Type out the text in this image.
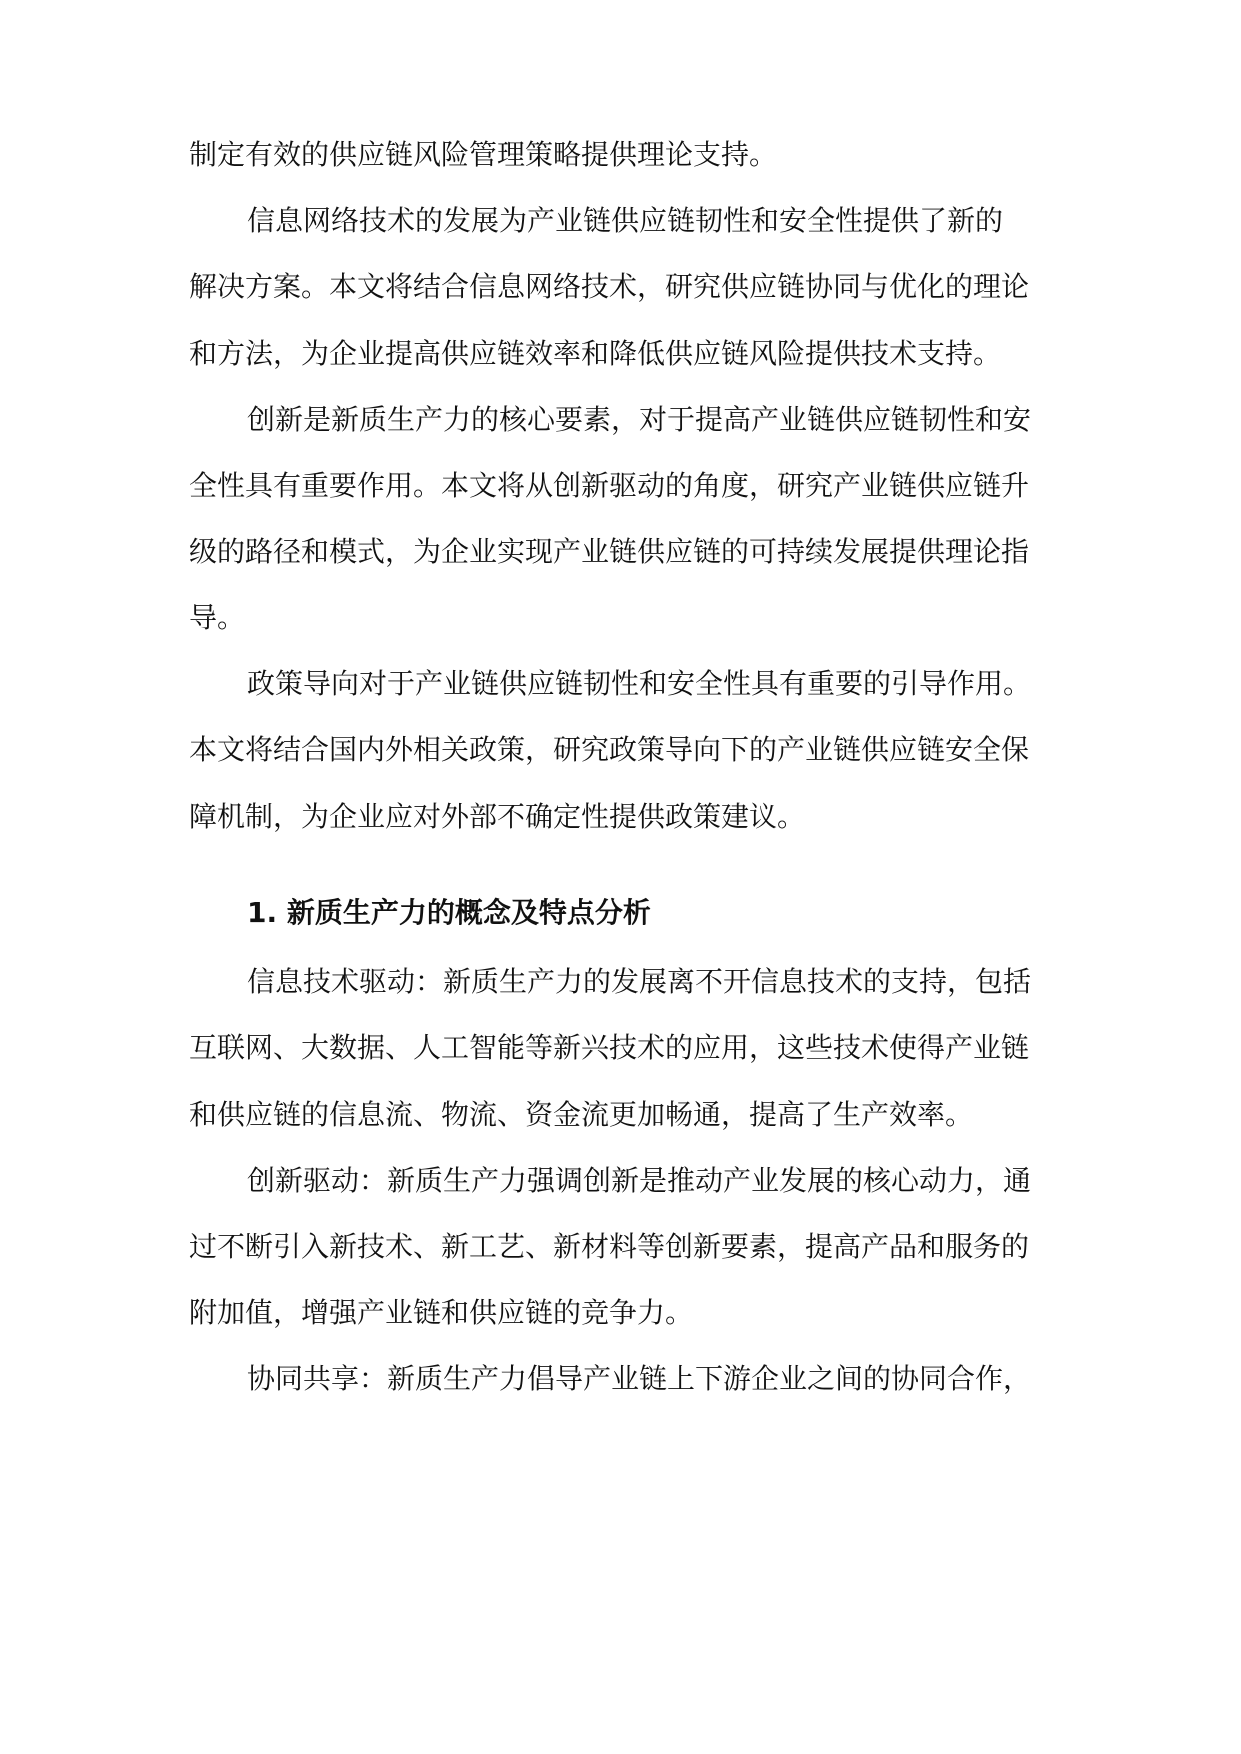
制定有效的供应链风险管理策略提供理论支持。
信息网络技术的发展为产业链供应链韧性和安全性提供了新的
解决方案。本文将结合信息网络技术，研究供应链协同与优化的理论
和方法，为企业提高供应链效率和降低供应链风险提供技术支持。
创新是新质生产力的核心要素，对于提高产业链供应链韧性和安
全性具有重要作用。本文将从创新驱动的角度，研究产业链供应链升
级的路径和模式，为企业实现产业链供应链的可持续发展提供理论指
导。
政策导向对于产业链供应链韧性和安全性具有重要的引导作用。
本文将结合国内外相关政策，研究政策导向下的产业链供应链安全保
障机制，为企业应对外部不确定性提供政策建议。
1. 新质生产力的概念及特点分析
信息技术驱动：新质生产力的发展离不开信息技术的支持，包括
互联网、大数据、人工智能等新兴技术的应用，这些技术使得产业链
和供应链的信息流、物流、资金流更加畅通，提高了生产效率。
创新驱动：新质生产力强调创新是推动产业发展的核心动力，通
过不断引入新技术、新工艺、新材料等创新要素，提高产品和服务的
附加值，增强产业链和供应链的竞争力。
协同共享：新质生产力倡导产业链上下游企业之间的协同合作，
